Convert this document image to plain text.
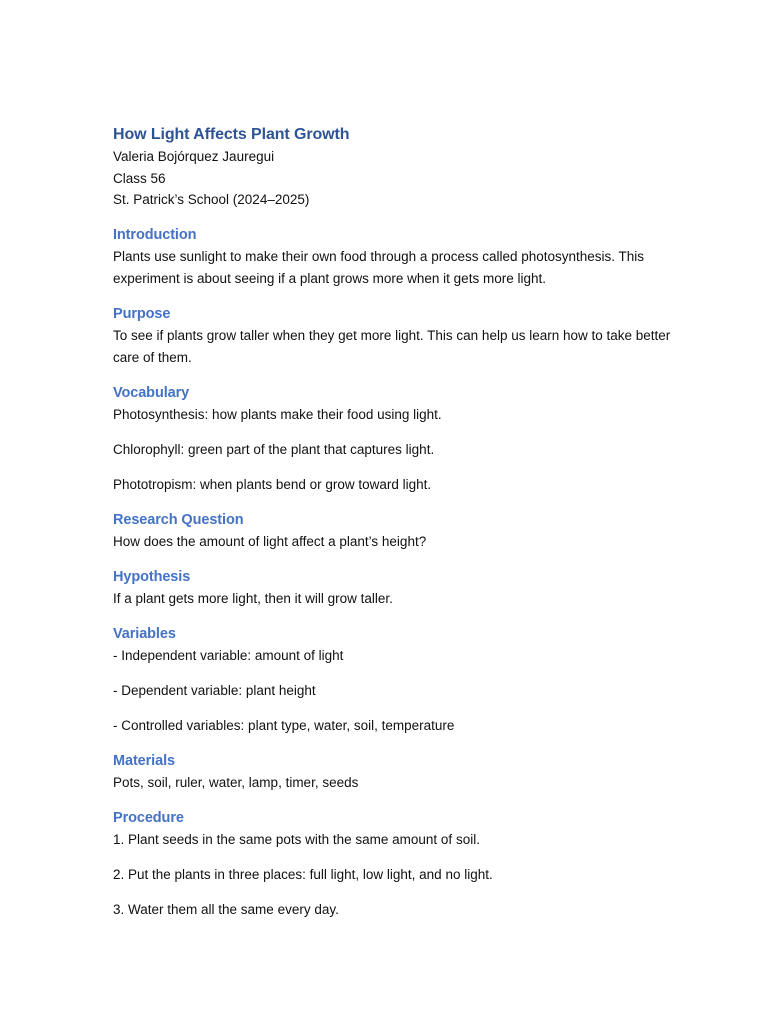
How Light Affects Plant Growth

Valeria Bojórquez Jauregui

Class 56

St. Patrick’s School (2024–2025)

Introduction

Plants use sunlight to make their own food through a process called photosynthesis. This experiment is about seeing if a plant grows more when it gets more light.

Purpose

To see if plants grow taller when they get more light. This can help us learn how to take better care of them.

Vocabulary

Photosynthesis: how plants make their food using light.

Chlorophyll: green part of the plant that captures light.

Phototropism: when plants bend or grow toward light.

Research Question

How does the amount of light affect a plant’s height?

Hypothesis

If a plant gets more light, then it will grow taller.

Variables

- Independent variable: amount of light

- Dependent variable: plant height

- Controlled variables: plant type, water, soil, temperature

Materials

Pots, soil, ruler, water, lamp, timer, seeds

Procedure

1. Plant seeds in the same pots with the same amount of soil.

2. Put the plants in three places: full light, low light, and no light.

3. Water them all the same every day.
